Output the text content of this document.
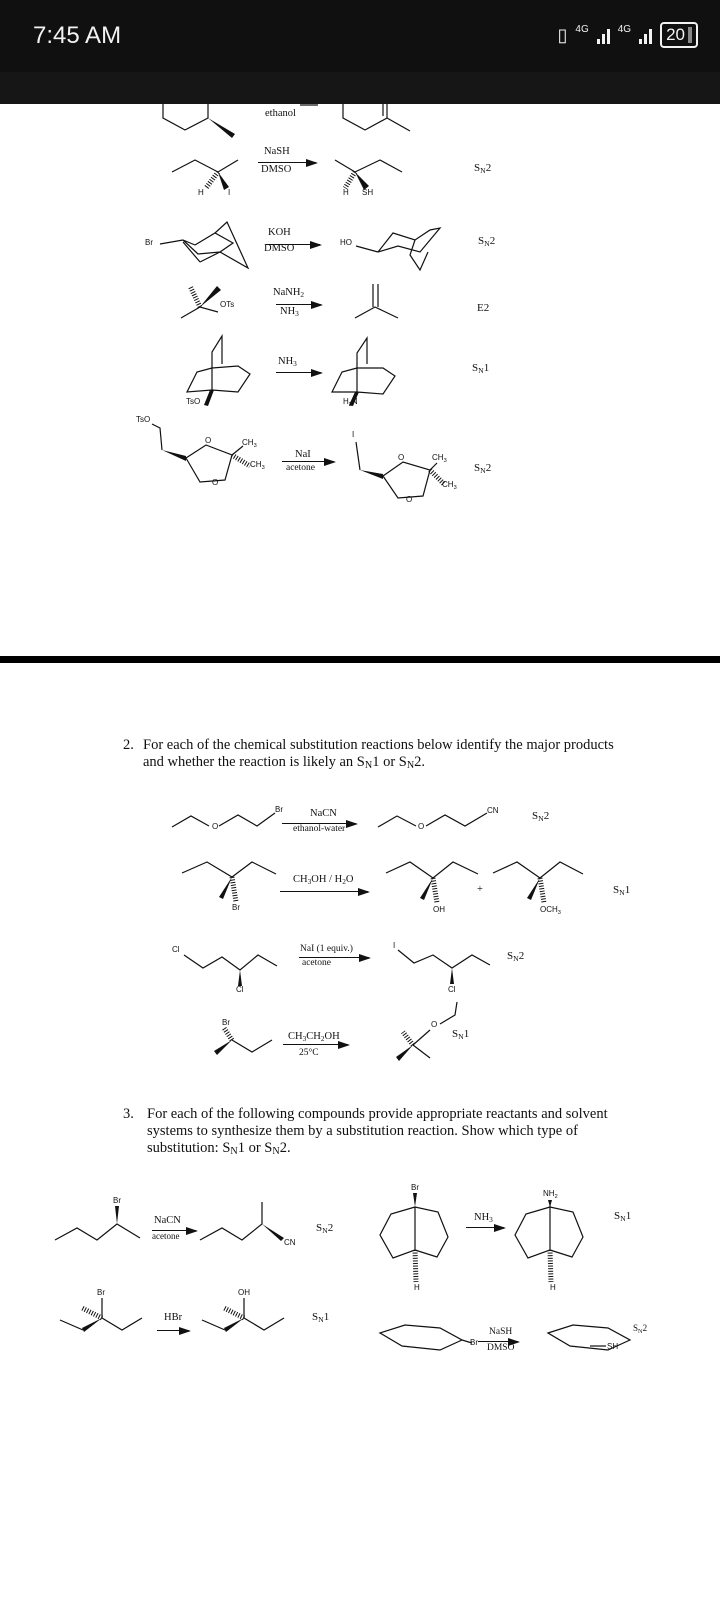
7:45 AM	▯ 4G	4G 20
ethanol
NaSH
DMSO
H	I	H SH
$S_N2$
KOH
DMSO
Br	HO	$S_N2$
NaNH$_2$
$NH_3$
OTs	E2
$NH_3$
TsO	$H_2N$
$S_N1$
TsO
O	$CH_3$
$CH_3$
O
NaI
acetone
I
O	$CH_3$
$CH_3$
O
$S_N2$
2. For each of the chemical substitution reactions below identify the major products
and whether the reaction is likely an $S_N1$ or $S_N2$.
O
Br	NaCN
ethanol-water	O
CN	$S_N2$
$CH_3OH / H_2O$
Br	OH
+
$OCH_3$
$S_N1$
Cl
Cl
NaI (1 equiv.)
acetone
I
Cl
$S_N2$
Br
$CH_3CH_2OH$
25°C
O
$S_N1$
3. For each of the following compounds provide appropriate reactants and solvent
systems to synthesize them by a substitution reaction. Show which type of
substitution: $S_N1$ or $S_N2$.
Br
NaCN
acetone
CN
$S_N2$
Br
H
$NH_3$
$NH_2$
H
$S_N1$
Br
HBr
OH
$S_N1$
Br
NaSH
DMSO	SH
$S_N2$
